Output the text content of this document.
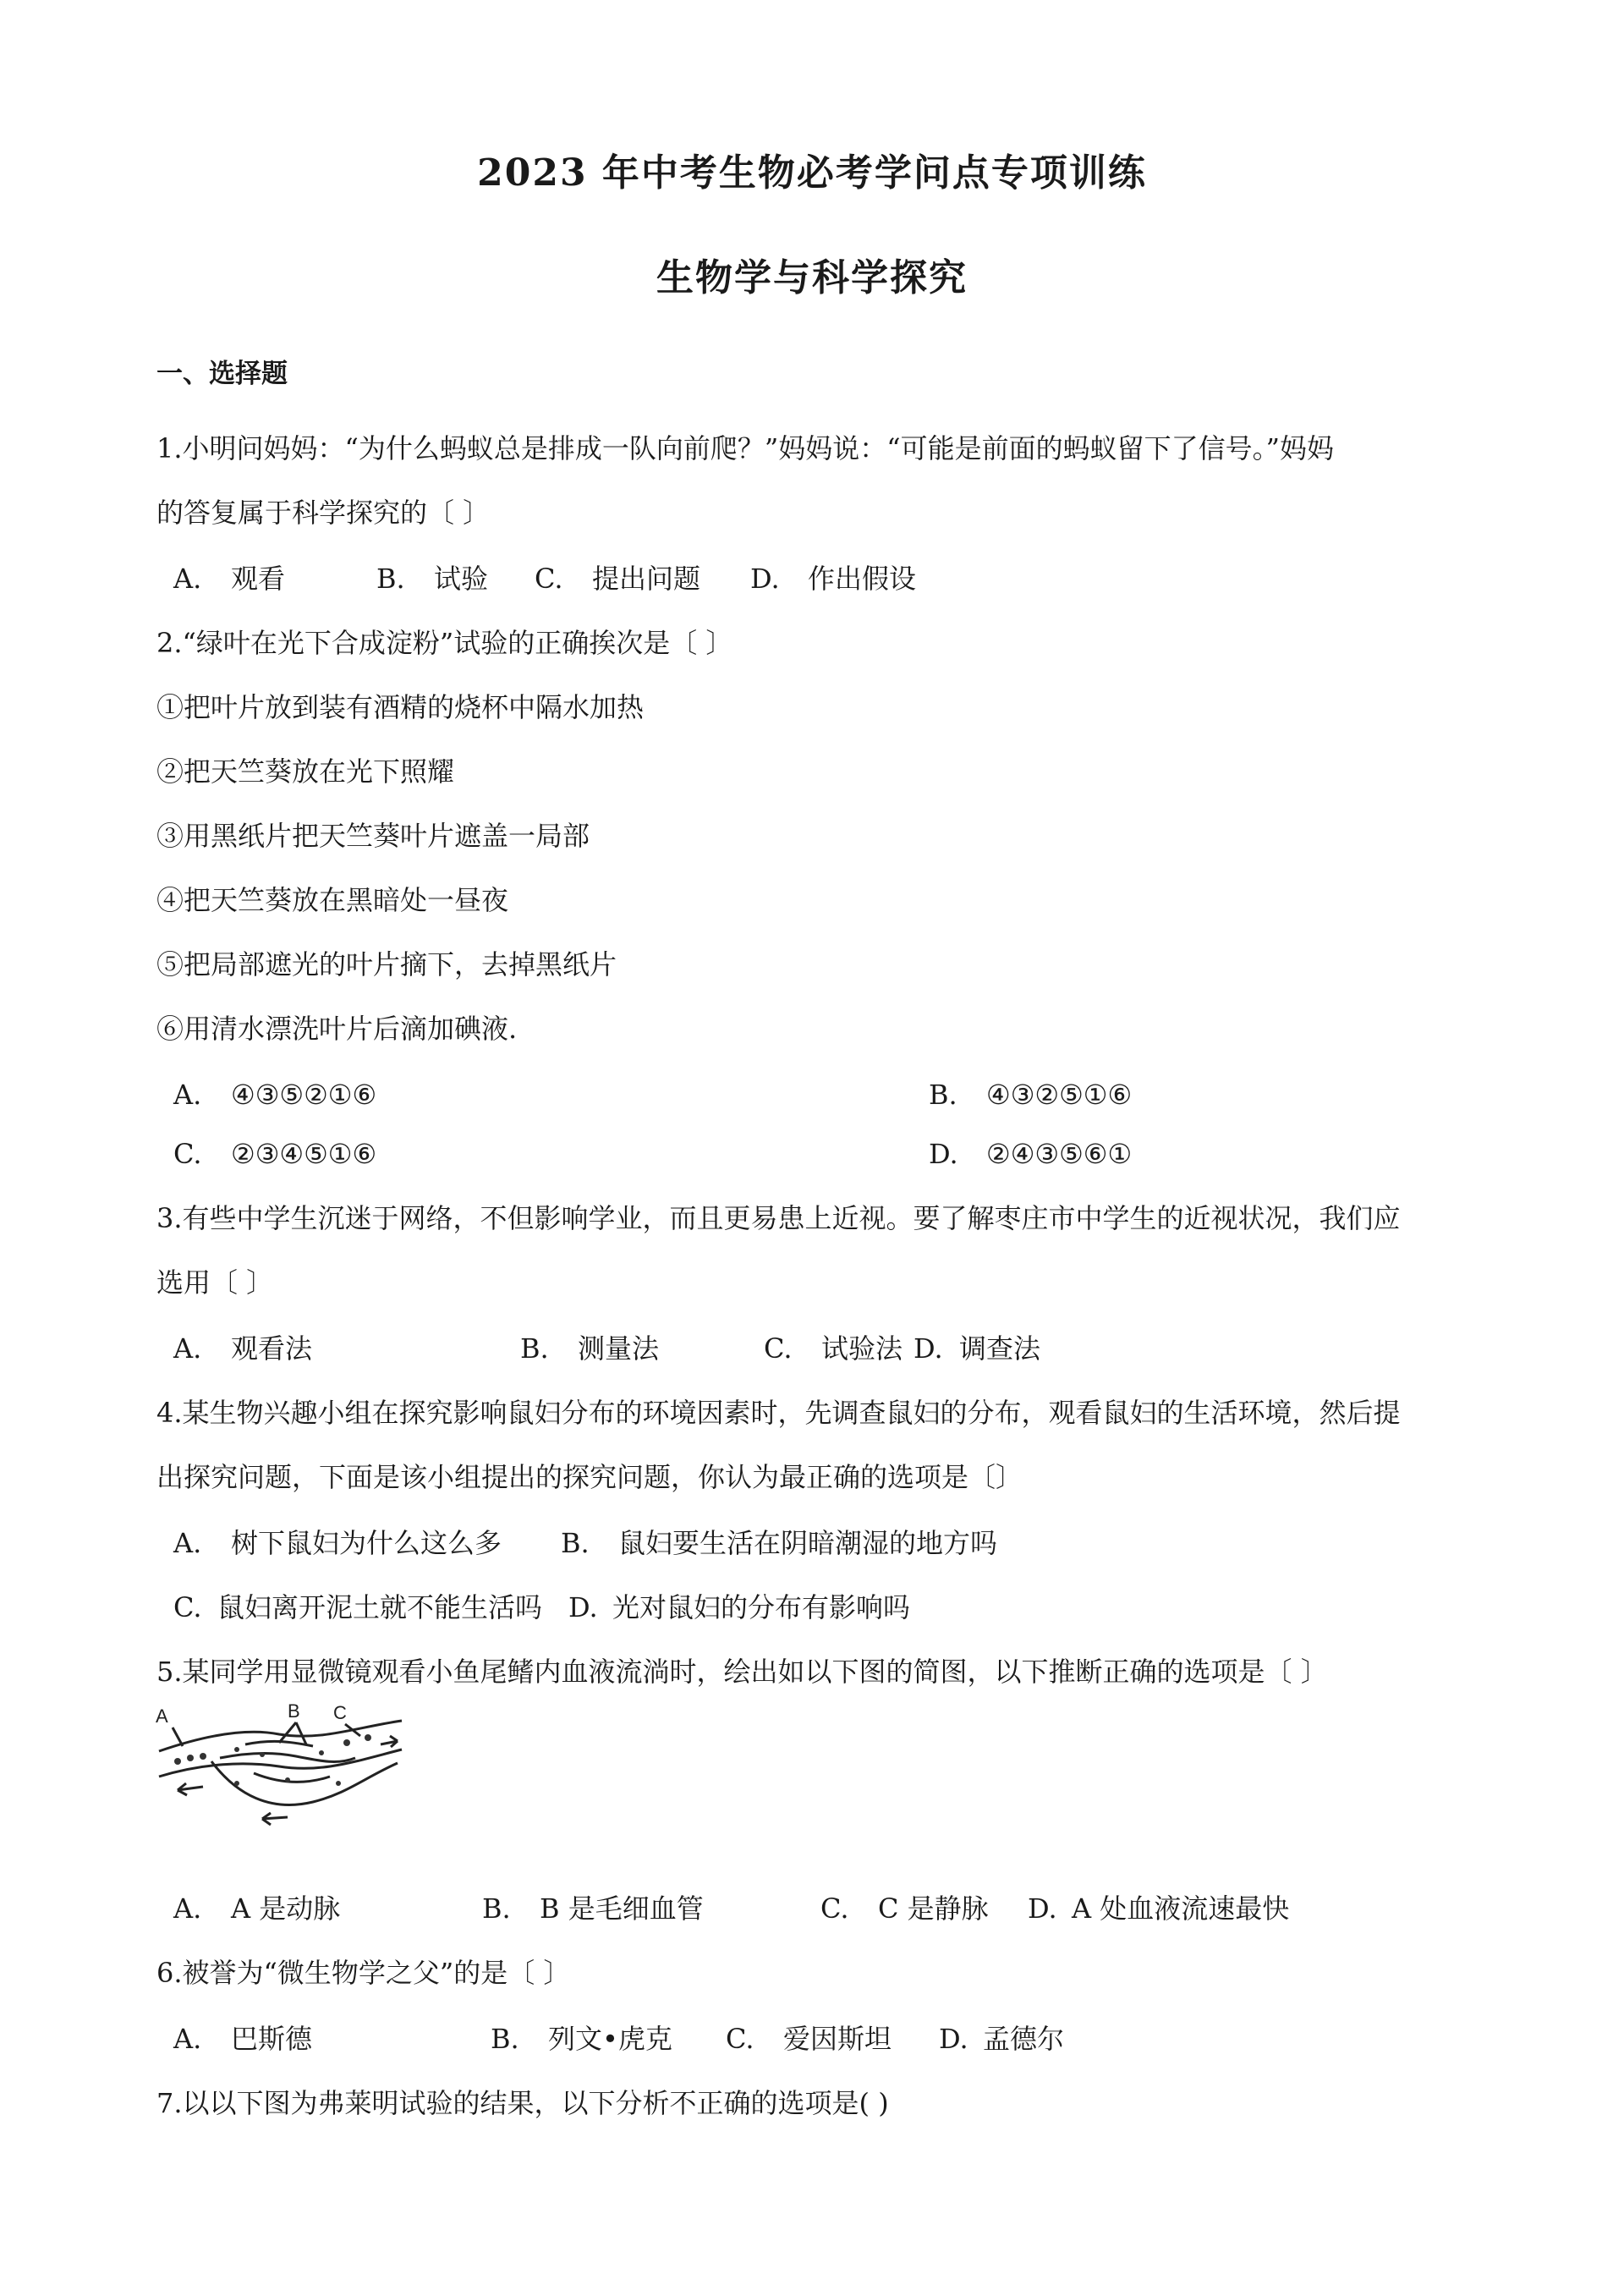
2023 年中考生物必考学问点专项训练
生物学与科学探究
一、选择题
1.小明问妈妈：“为什么蚂蚁总是排成一队向前爬？”妈妈说：“可能是前面的蚂蚁留下了信号。”妈妈
的答复属于科学探究的〔 〕
A. 观看	B. 试验 C. 提出问题 D. 作出假设
2.“绿叶在光下合成淀粉”试验的正确挨次是〔 〕
①把叶片放到装有酒精的烧杯中隔水加热
②把天竺葵放在光下照耀
③用黑纸片把天竺葵叶片遮盖一局部
④把天竺葵放在黑暗处一昼夜
⑤把局部遮光的叶片摘下，去掉黑纸片
⑥用清水漂洗叶片后滴加碘液.
A. ④③⑤②①⑥	B. ④③②⑤①⑥
C. ②③④⑤①⑥	D. ②④③⑤⑥①
3.有些中学生沉迷于网络，不但影响学业，而且更易患上近视。要了解枣庄市中学生的近视状况，我们应
选用〔 〕
A. 观看法	B. 测量法	C. 试验法 D. 调查法
4.某生物兴趣小组在探究影响鼠妇分布的环境因素时，先调查鼠妇的分布，观看鼠妇的生活环境，然后提
出探究问题，下面是该小组提出的探究问题，你认为最正确的选项是〔〕
A. 树下鼠妇为什么这么多 B. 鼠妇要生活在阴暗潮湿的地方吗
C. 鼠妇离开泥土就不能生活吗 D. 光对鼠妇的分布有影响吗
5.某同学用显微镜观看小鱼尾鳍内血液流淌时，绘出如以下图的简图，以下推断正确的选项是〔 〕
A	B C
A. A 是动脉	B. B 是毛细血管	C. C 是静脉 D. A 处血液流速最快
6.被誉为“微生物学之父”的是〔 〕
A. 巴斯德	B. 列文•虎克 C. 爱因斯坦 D. 孟德尔
7.以以下图为弗莱明试验的结果，以下分析不正确的选项是( )
